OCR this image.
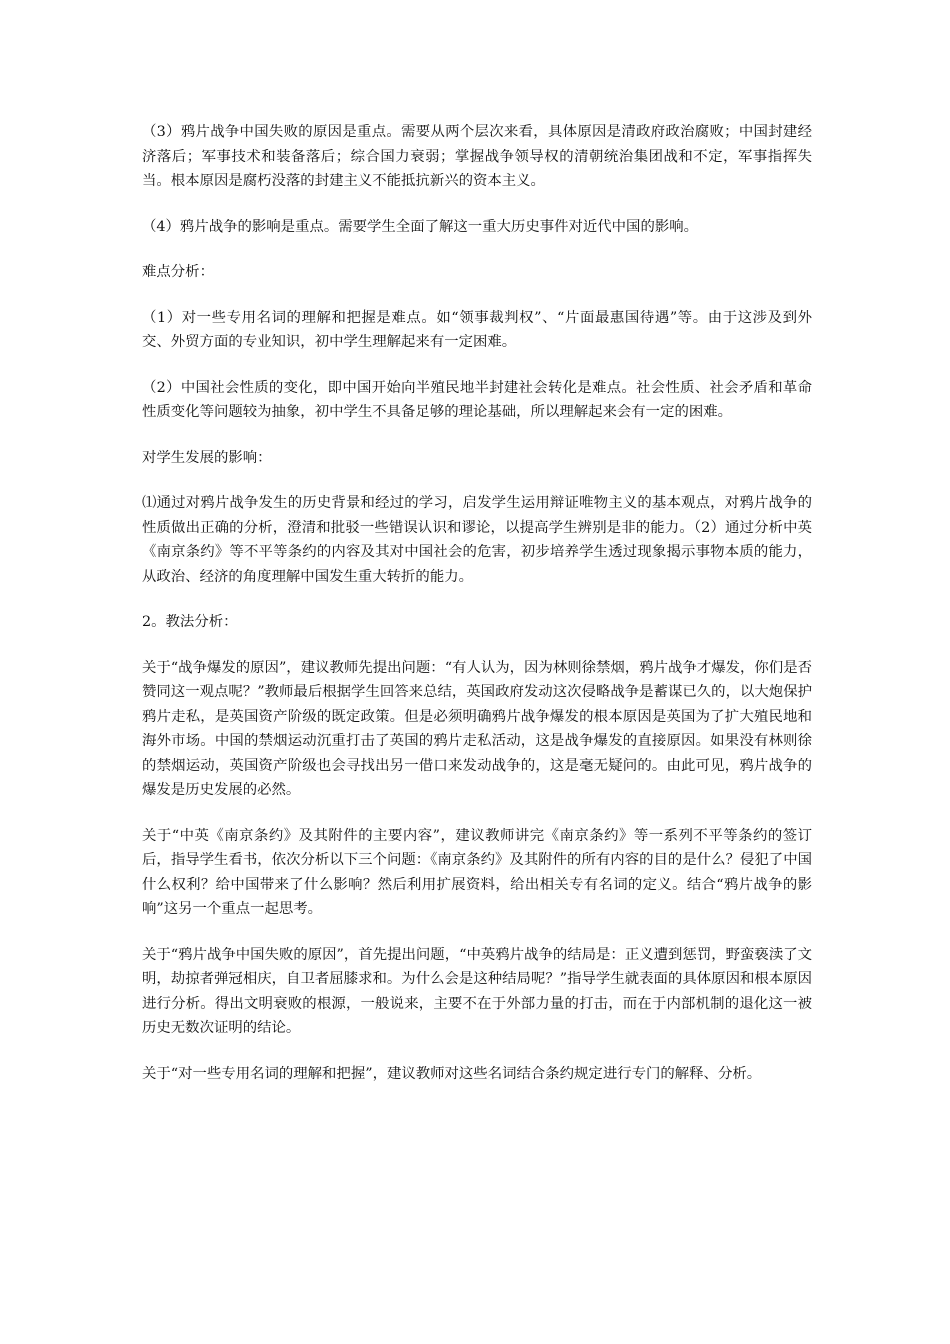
（3）鸦片战争中国失败的原因是重点。需要从两个层次来看，具体原因是清政府政治腐败；中国封建经济落后；军事技术和装备落后；综合国力衰弱；掌握战争领导权的清朝统治集团战和不定，军事指挥失当。根本原因是腐朽没落的封建主义不能抵抗新兴的资本主义。

（4）鸦片战争的影响是重点。需要学生全面了解这一重大历史事件对近代中国的影响。

难点分析：

（1）对一些专用名词的理解和把握是难点。如“领事裁判权”、“片面最惠国待遇”等。由于这涉及到外交、外贸方面的专业知识，初中学生理解起来有一定困难。

（2）中国社会性质的变化，即中国开始向半殖民地半封建社会转化是难点。社会性质、社会矛盾和革命性质变化等问题较为抽象，初中学生不具备足够的理论基础，所以理解起来会有一定的困难。

对学生发展的影响：

⑴通过对鸦片战争发生的历史背景和经过的学习，启发学生运用辩证唯物主义的基本观点，对鸦片战争的性质做出正确的分析，澄清和批驳一些错误认识和谬论，以提高学生辨别是非的能力。（2）通过分析中英《南京条约》等不平等条约的内容及其对中国社会的危害，初步培养学生透过现象揭示事物本质的能力，从政治、经济的角度理解中国发生重大转折的能力。

2。教法分析：

关于“战争爆发的原因”，建议教师先提出问题：“有人认为，因为林则徐禁烟，鸦片战争才爆发，你们是否赞同这一观点呢？”教师最后根据学生回答来总结，英国政府发动这次侵略战争是蓄谋已久的，以大炮保护鸦片走私，是英国资产阶级的既定政策。但是必须明确鸦片战争爆发的根本原因是英国为了扩大殖民地和海外市场。中国的禁烟运动沉重打击了英国的鸦片走私活动，这是战争爆发的直接原因。如果没有林则徐的禁烟运动，英国资产阶级也会寻找出另一借口来发动战争的，这是毫无疑问的。由此可见，鸦片战争的爆发是历史发展的必然。

关于“中英《南京条约》及其附件的主要内容”，建议教师讲完《南京条约》等一系列不平等条约的签订后，指导学生看书，依次分析以下三个问题：《南京条约》及其附件的所有内容的目的是什么？侵犯了中国什么权利？给中国带来了什么影响？然后利用扩展资料，给出相关专有名词的定义。结合“鸦片战争的影响”这另一个重点一起思考。

关于“鸦片战争中国失败的原因”，首先提出问题，“中英鸦片战争的结局是：正义遭到惩罚，野蛮亵渎了文明，劫掠者弹冠相庆，自卫者屈膝求和。为什么会是这种结局呢？”指导学生就表面的具体原因和根本原因进行分析。得出文明衰败的根源，一般说来，主要不在于外部力量的打击，而在于内部机制的退化这一被历史无数次证明的结论。

关于“对一些专用名词的理解和把握”，建议教师对这些名词结合条约规定进行专门的解释、分析。
